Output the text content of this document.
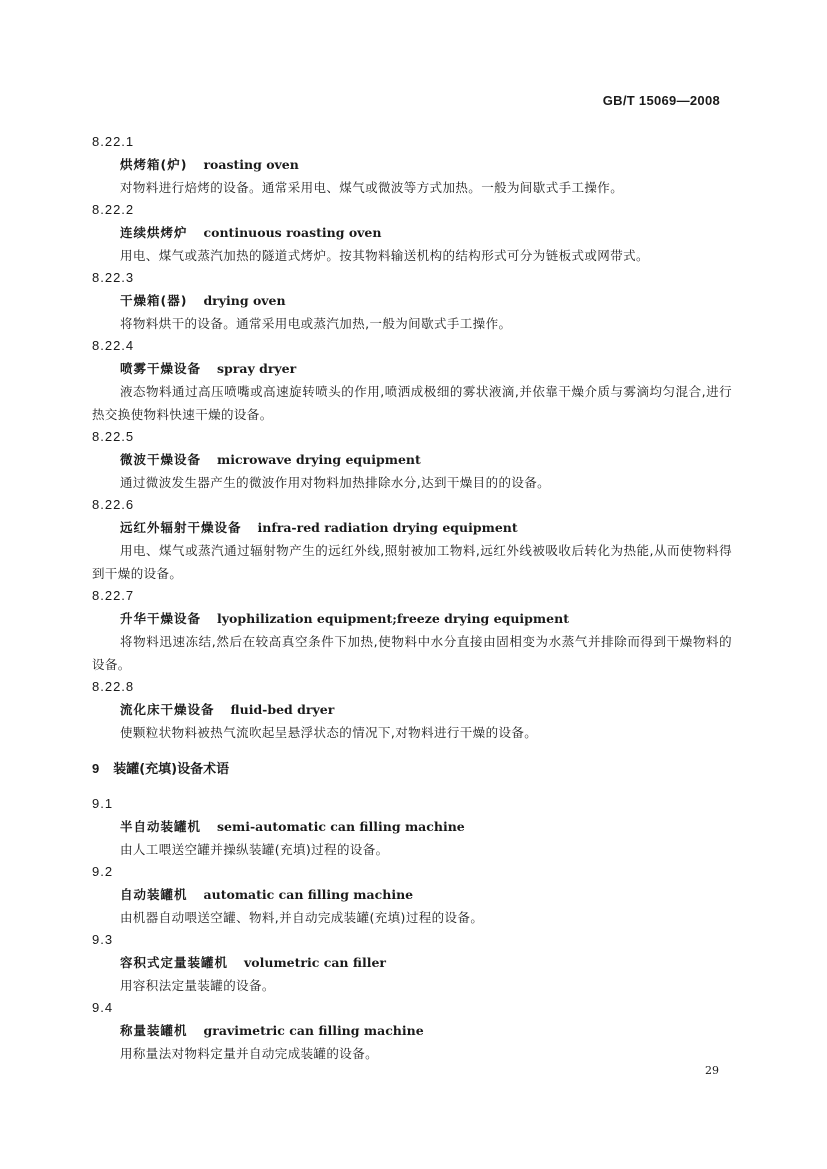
GB/T 15069—2008
8.22.1
烘烤箱(炉) roasting oven

对物料进行焙烤的设备。通常采用电、煤气或微波等方式加热。一般为间歇式手工操作。

8.22.2
连续烘烤炉 continuous roasting oven

用电、煤气或蒸汽加热的隧道式烤炉。按其物料输送机构的结构形式可分为链板式或网带式。

8.22.3
干燥箱(器) drying oven

将物料烘干的设备。通常采用电或蒸汽加热,一般为间歇式手工操作。

8.22.4
喷雾干燥设备 spray dryer

液态物料通过高压喷嘴或高速旋转喷头的作用,喷洒成极细的雾状液滴,并依靠干燥介质与雾滴均匀混合,进行热交换使物料快速干燥的设备。

8.22.5
微波干燥设备 microwave drying equipment

通过微波发生器产生的微波作用对物料加热排除水分,达到干燥目的的设备。

8.22.6
远红外辐射干燥设备 infra-red radiation drying equipment

用电、煤气或蒸汽通过辐射物产生的远红外线,照射被加工物料,远红外线被吸收后转化为热能,从而使物料得到干燥的设备。

8.22.7
升华干燥设备 lyophilization equipment;freeze drying equipment

将物料迅速冻结,然后在较高真空条件下加热,使物料中水分直接由固相变为水蒸气并排除而得到干燥物料的设备。

8.22.8
流化床干燥设备 fluid-bed dryer

使颗粒状物料被热气流吹起呈悬浮状态的情况下,对物料进行干燥的设备。

9 装罐(充填)设备术语
9.1
半自动装罐机 semi-automatic can filling machine

由人工喂送空罐并操纵装罐(充填)过程的设备。

9.2
自动装罐机 automatic can filling machine

由机器自动喂送空罐、物料,并自动完成装罐(充填)过程的设备。

9.3
容积式定量装罐机 volumetric can filler

用容积法定量装罐的设备。

9.4
称量装罐机 gravimetric can filling machine

用称量法对物料定量并自动完成装罐的设备。

29
